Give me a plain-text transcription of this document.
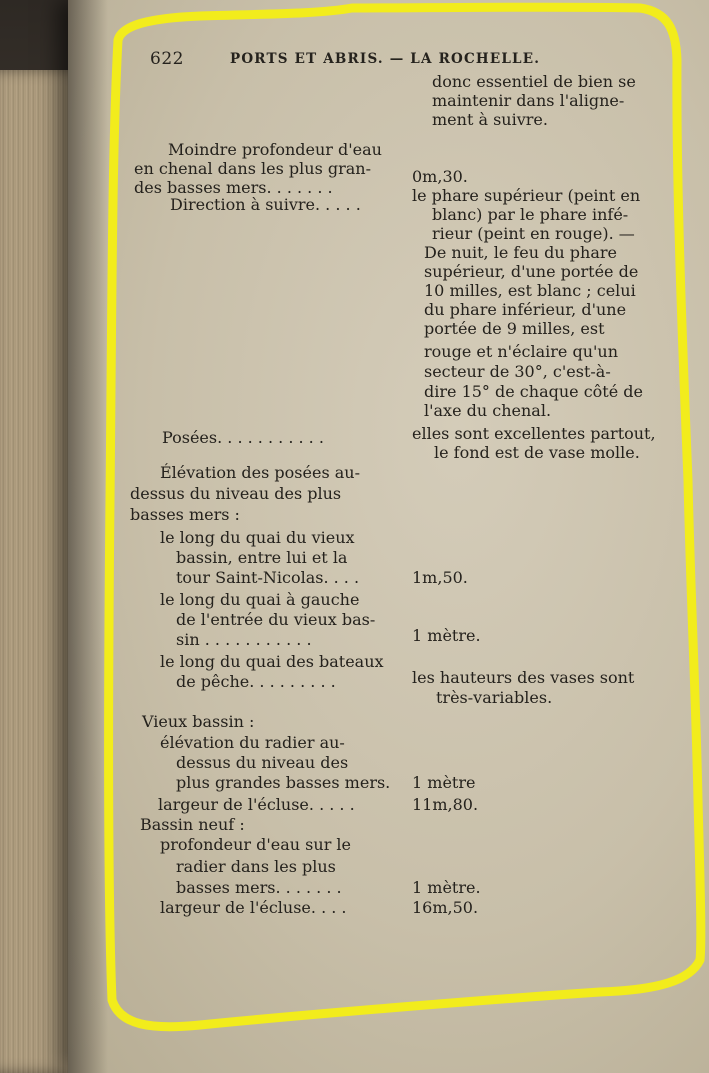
622	PORTS ET ABRIS. — LA ROCHELLE.
donc essentiel de bien se
maintenir dans l'aligne-
ment à suivre.
Moindre profondeur d'eau
en chenal dans les plus gran-
des basses mers. . . . . . .
0m,30.
Direction à suivre. . . . .	le phare supérieur (peint en
blanc) par le phare infé-
rieur (peint en rouge). —
De nuit, le feu du phare
supérieur, d'une portée de
10 milles, est blanc ; celui
du phare inférieur, d'une
portée de 9 milles, est
rouge et n'éclaire qu'un
secteur de 30°, c'est-à-
dire 15° de chaque côté de
l'axe du chenal.
Posées. . . . . . . . . . .	elles sont excellentes partout,
le fond est de vase molle.
Élévation des posées au-
dessus du niveau des plus
basses mers :
le long du quai du vieux
bassin, entre lui et la
tour Saint-Nicolas. . . .	1m,50.
le long du quai à gauche
de l'entrée du vieux bas-
sin . . . . . . . . . . .	1 mètre.
le long du quai des bateaux
de pêche. . . . . . . . .	les hauteurs des vases sont
très-variables.
Vieux bassin :
élévation du radier au-
dessus du niveau des
plus grandes basses mers. 1 mètre
largeur de l'écluse. . . . .	11m,80.
Bassin neuf :
profondeur d'eau sur le
radier dans les plus
basses mers. . . . . . .	1 mètre.
largeur de l'écluse. . . .	16m,50.
